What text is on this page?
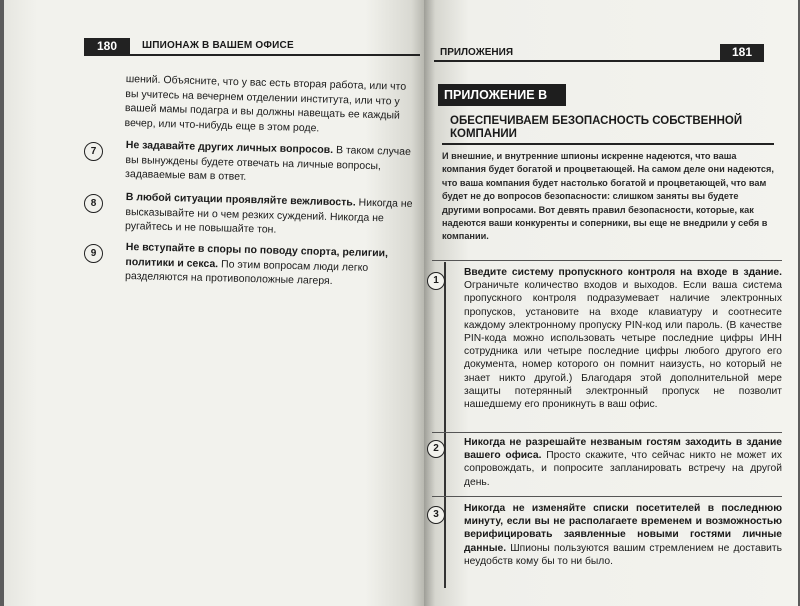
180	ШПИОНАЖ В ВАШЕМ ОФИСЕ
шений. Объясните, что у вас есть вторая работа, или что вы учитесь на вечернем отделении института, или что у вашей мамы подагра и вы должны навещать ее каждый вечер, или что-нибудь еще в этом роде.
7	Не задавайте других личных вопросов. В таком случае вы вынуждены будете отвечать на личные вопросы, задаваемые вам в ответ.
8	В любой ситуации проявляйте вежливость. Никогда не высказывайте ни о чем резких суждений. Никогда не ругайтесь и не повышайте тон.
9	Не вступайте в споры по поводу спорта, религии, политики и секса. По этим вопросам люди легко разделяются на противоположные лагеря.
ПРИЛОЖЕНИЯ	181
ПРИЛОЖЕНИЕ В
ОБЕСПЕЧИВАЕМ БЕЗОПАСНОСТЬ СОБСТВЕННОЙ КОМПАНИИ
И внешние, и внутренние шпионы искренне надеются, что ваша компания будет богатой и процветающей. На самом деле они надеются, что ваша компания будет настолько богатой и процветающей, что вам будет не до вопросов безопасности: слишком заняты вы будете другими вопросами. Вот девять правил безопасности, которые, как надеются ваши конкуренты и соперники, вы еще не внедрили у себя в компании.
1
Введите систему пропускного контроля на входе в здание. Ограничьте количество входов и выходов. Если ваша система пропускного контроля подразумевает наличие электронных пропусков, установите на входе клавиатуру и соотнесите каждому электронному пропуску PIN-код или пароль. (В качестве PIN-кода можно использовать четыре последние цифры ИНН сотрудника или четыре последние цифры любого другого его документа, номер которого он помнит наизусть, но который не знает никто другой.) Благодаря этой дополнительной мере защиты потерянный электронный пропуск не позволит нашедшему его проникнуть в ваш офис.
2
Никогда не разрешайте незваным гостям заходить в здание вашего офиса. Просто скажите, что сейчас никто не может их сопровождать, и попросите запланировать встречу на другой день.
3
Никогда не изменяйте списки посетителей в последнюю минуту, если вы не располагаете временем и возможностью верифицировать заявленные новыми гостями личные данные. Шпионы пользуются вашим стремлением не доставить неудобств кому бы то ни было.
